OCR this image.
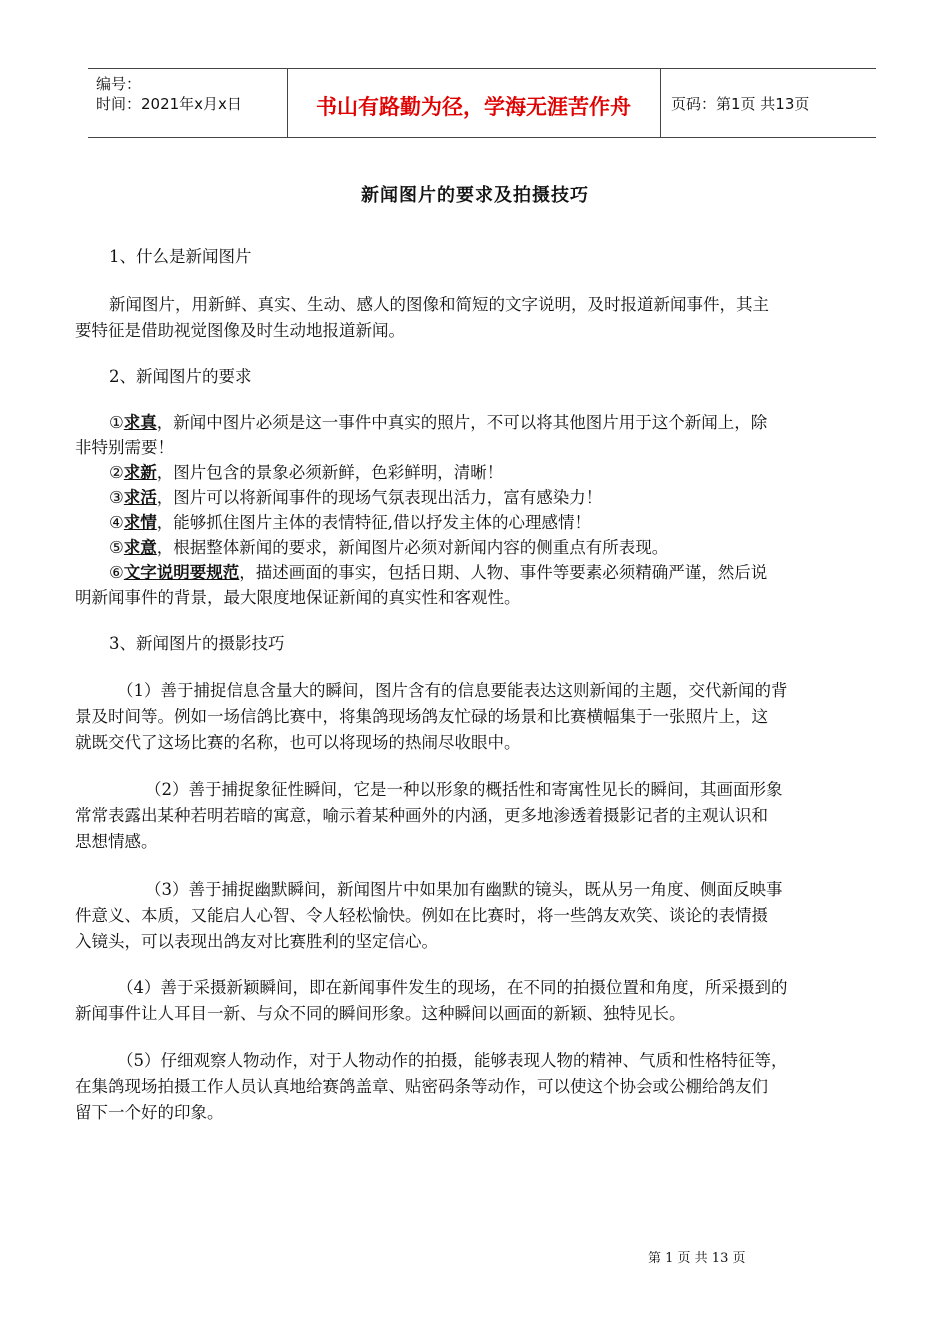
编号：
时间：2021年x月x日	书山有路勤为径，学海无涯苦作舟	页码：第1页 共13页
新闻图片的要求及拍摄技巧
1、什么是新闻图片
新闻图片，用新鲜、真实、生动、感人的图像和简短的文字说明，及时报道新闻事件，其主
要特征是借助视觉图像及时生动地报道新闻。
2、新闻图片的要求
①求真，新闻中图片必须是这一事件中真实的照片，不可以将其他图片用于这个新闻上，除
非特别需要！
②求新，图片包含的景象必须新鲜，色彩鲜明，清晰！
③求活，图片可以将新闻事件的现场气氛表现出活力，富有感染力！
④求情，能够抓住图片主体的表情特征,借以抒发主体的心理感情！
⑤求意，根据整体新闻的要求，新闻图片必须对新闻内容的侧重点有所表现。
⑥文字说明要规范，描述画面的事实，包括日期、人物、事件等要素必须精确严谨，然后说
明新闻事件的背景，最大限度地保证新闻的真实性和客观性。
3、新闻图片的摄影技巧
（1）善于捕捉信息含量大的瞬间，图片含有的信息要能表达这则新闻的主题，交代新闻的背
景及时间等。例如一场信鸽比赛中，将集鸽现场鸽友忙碌的场景和比赛横幅集于一张照片上，这
就既交代了这场比赛的名称，也可以将现场的热闹尽收眼中。
（2）善于捕捉象征性瞬间，它是一种以形象的概括性和寄寓性见长的瞬间，其画面形象
常常表露出某种若明若暗的寓意，喻示着某种画外的内涵，更多地渗透着摄影记者的主观认识和
思想情感。
（3）善于捕捉幽默瞬间，新闻图片中如果加有幽默的镜头，既从另一角度、侧面反映事
件意义、本质，又能启人心智、令人轻松愉快。例如在比赛时，将一些鸽友欢笑、谈论的表情摄
入镜头，可以表现出鸽友对比赛胜利的坚定信心。
（4）善于采摄新颖瞬间，即在新闻事件发生的现场，在不同的拍摄位置和角度，所采摄到的
新闻事件让人耳目一新、与众不同的瞬间形象。这种瞬间以画面的新颖、独特见长。
（5）仔细观察人物动作，对于人物动作的拍摄，能够表现人物的精神、气质和性格特征等，
在集鸽现场拍摄工作人员认真地给赛鸽盖章、贴密码条等动作，可以使这个协会或公棚给鸽友们
留下一个好的印象。
第 1 页 共 13 页
